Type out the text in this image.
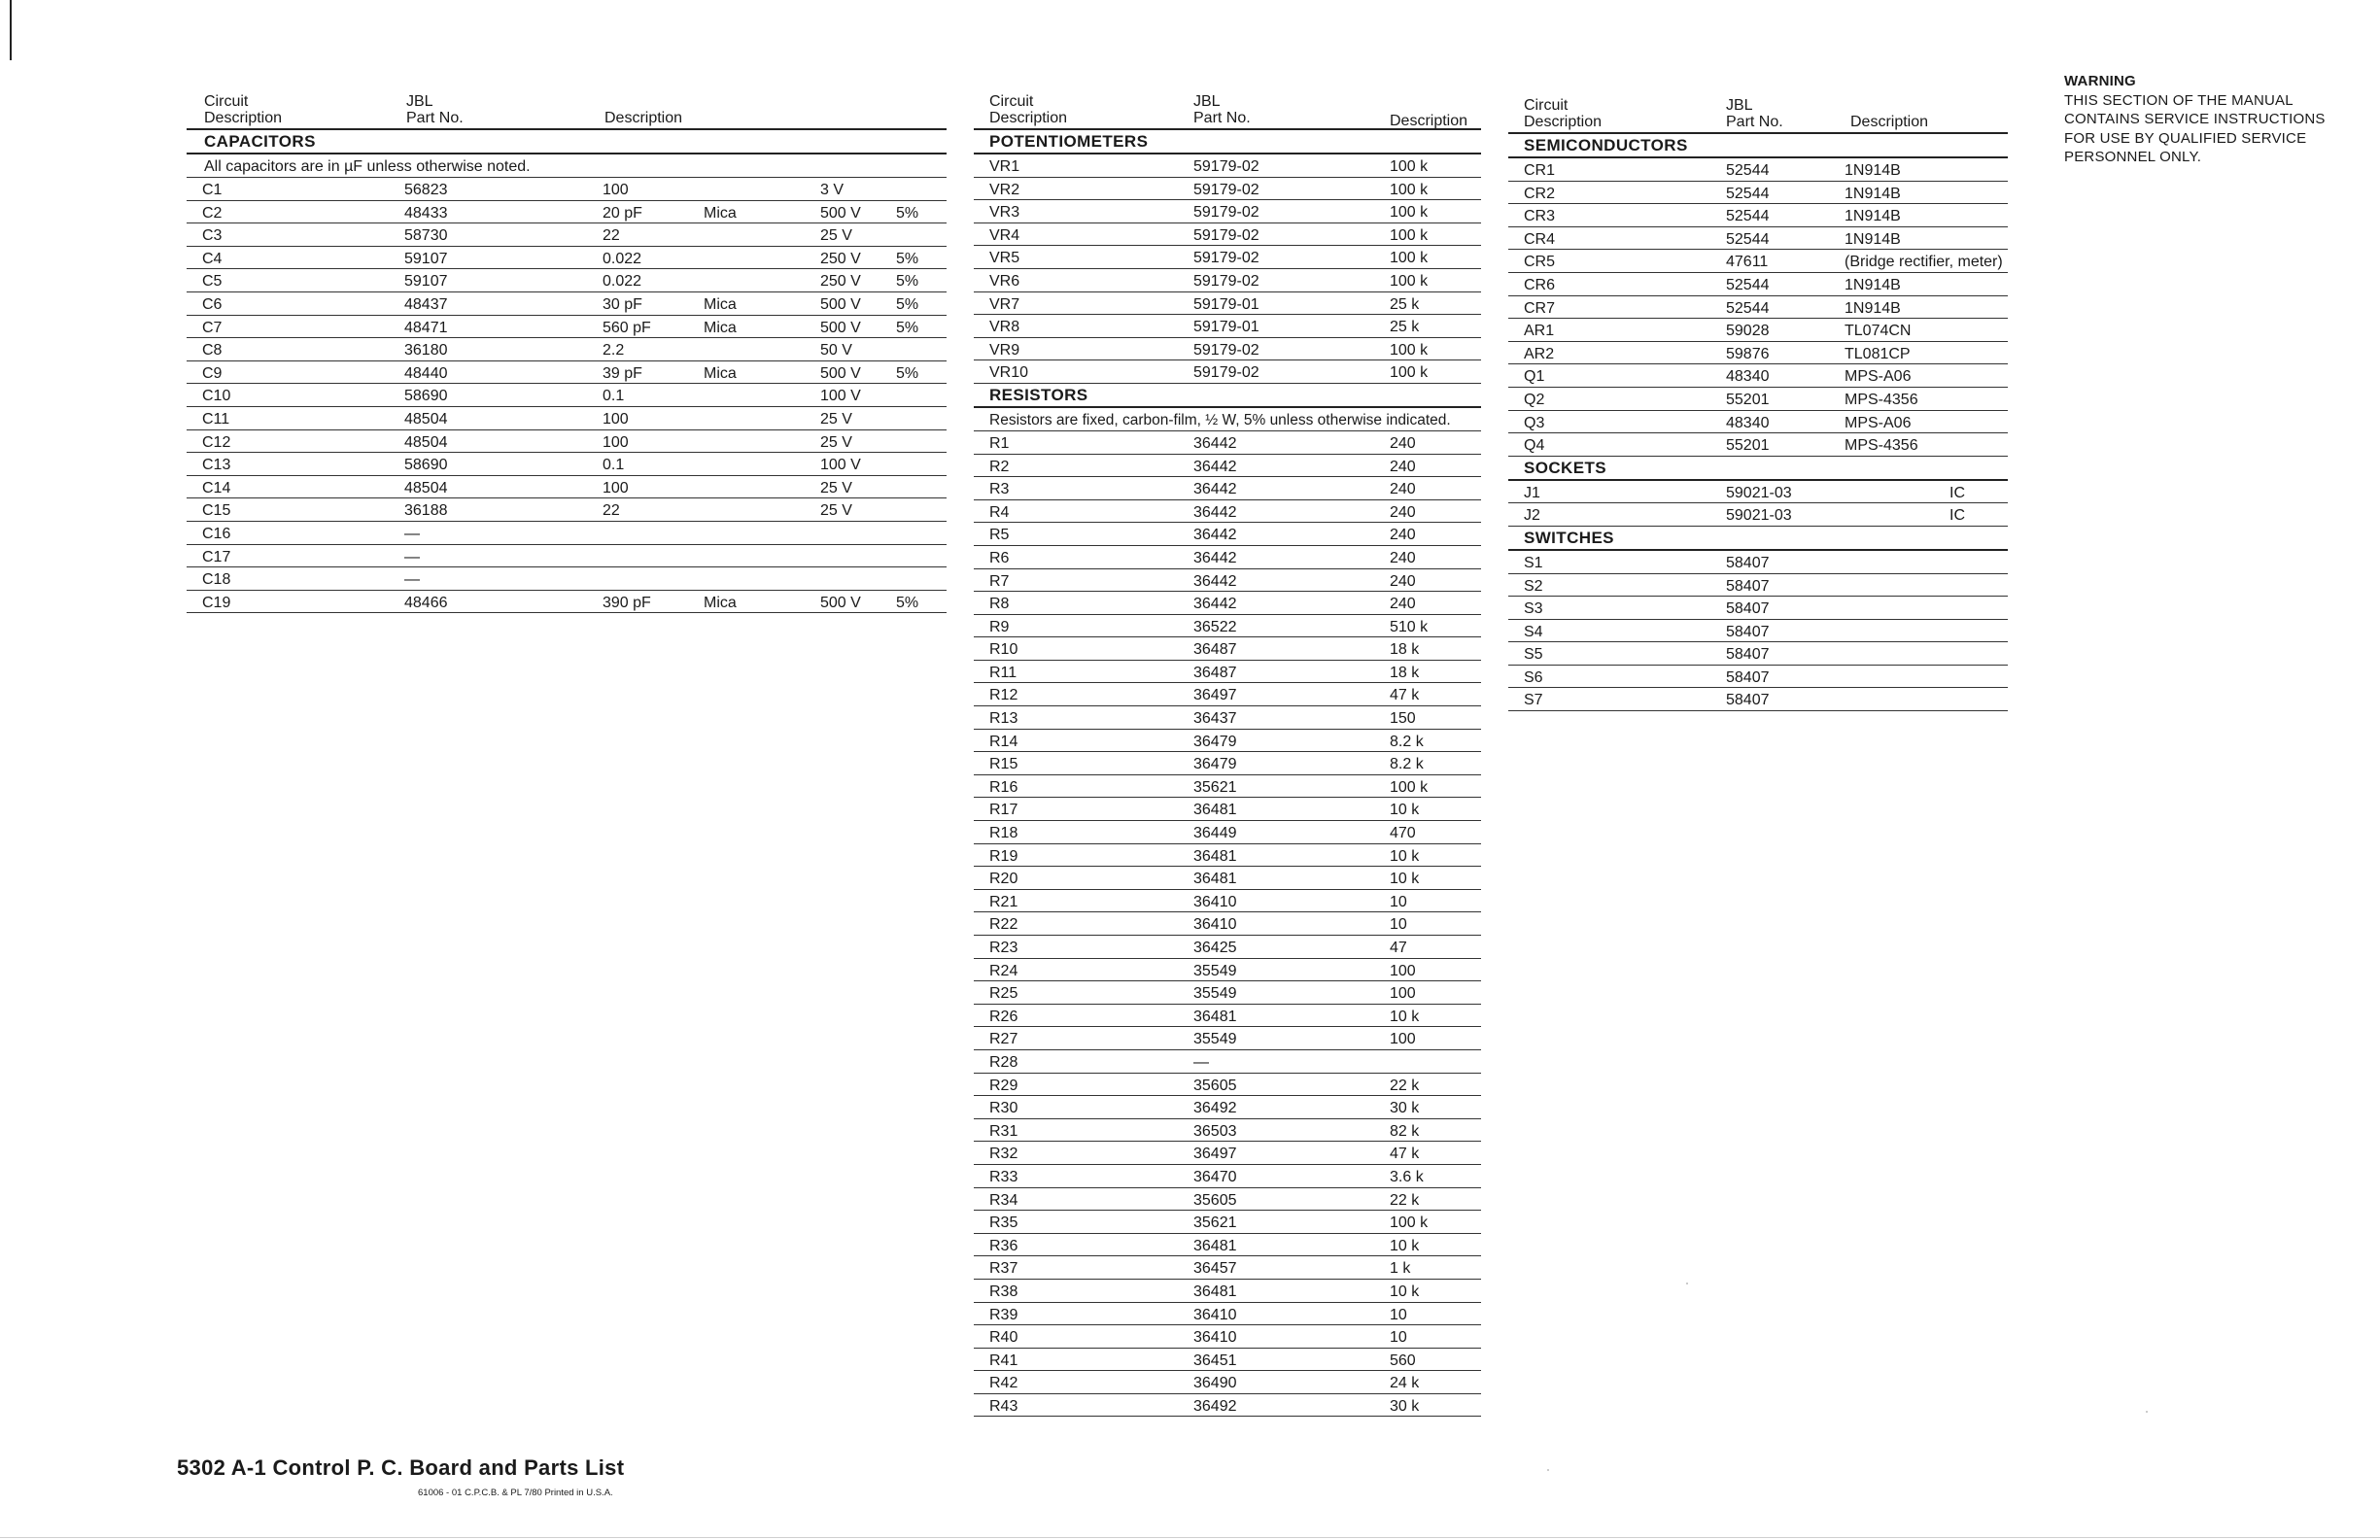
Circuit
Description
JBL
Part No.	Description
CAPACITORS
All capacitors are in µF unless otherwise noted.
C1	56823	100	3 V
C2	48433	20 pF	Mica	500 V 5%
C3	58730	22	25 V
C4	59107	0.022	250 V 5%
C5	59107	0.022	250 V 5%
C6	48437	30 pF	Mica	500 V 5%
C7	48471	560 pF	Mica	500 V 5%
C8	36180	2.2	50 V
C9	48440	39 pF	Mica	500 V 5%
C10	58690	0.1	100 V
C11	48504	100	25 V
C12	48504	100	25 V
C13	58690	0.1	100 V
C14	48504	100	25 V
C15	36188	22	25 V
C16	—
C17	—
C18	—
C19	48466	390 pF	Mica	500 V 5%
Circuit
Description
JBL
Part No.	Description
POTENTIOMETERS
VR1	59179-02	100 k
VR2	59179-02	100 k
VR3	59179-02	100 k
VR4	59179-02	100 k
VR5	59179-02	100 k
VR6	59179-02	100 k
VR7	59179-01	25 k
VR8	59179-01	25 k
VR9	59179-02	100 k
VR10	59179-02	100 k
RESISTORS
Resistors are fixed, carbon-film, ½ W, 5% unless otherwise indicated.
R1	36442	240
R2	36442	240
R3	36442	240
R4	36442	240
R5	36442	240
R6	36442	240
R7	36442	240
R8	36442	240
R9	36522	510 k
R10	36487	18 k
R11	36487	18 k
R12	36497	47 k
R13	36437	150
R14	36479	8.2 k
R15	36479	8.2 k
R16	35621	100 k
R17	36481	10 k
R18	36449	470
R19	36481	10 k
R20	36481	10 k
R21	36410	10
R22	36410	10
R23	36425	47
R24	35549	100
R25	35549	100
R26	36481	10 k
R27	35549	100
R28	—
R29	35605	22 k
R30	36492	30 k
R31	36503	82 k
R32	36497	47 k
R33	36470	3.6 k
R34	35605	22 k
R35	35621	100 k
R36	36481	10 k
R37	36457	1 k
R38	36481	10 k
R39	36410	10
R40	36410	10
R41	36451	560
R42	36490	24 k
R43	36492	30 k
Circuit
Description
JBL
Part No.	Description
SEMICONDUCTORS
CR1	52544	1N914B
CR2	52544	1N914B
CR3	52544	1N914B
CR4	52544	1N914B
CR5	47611	(Bridge rectifier, meter)
CR6	52544	1N914B
CR7	52544	1N914B
AR1	59028	TL074CN
AR2	59876	TL081CP
Q1	48340	MPS-A06
Q2	55201	MPS-4356
Q3	48340	MPS-A06
Q4	55201	MPS-4356
SOCKETS
J1	59021-03	IC
J2	59021-03	IC
SWITCHES
S1	58407
S2	58407
S3	58407
S4	58407
S5	58407
S6	58407
S7	58407
WARNING
THIS SECTION OF THE MANUAL
CONTAINS SERVICE INSTRUCTIONS
FOR USE BY QUALIFIED SERVICE
PERSONNEL ONLY.
5302 A-1 Control P. C. Board and Parts List
61006 - 01 C.P.C.B. & PL 7/80 Printed in U.S.A.
